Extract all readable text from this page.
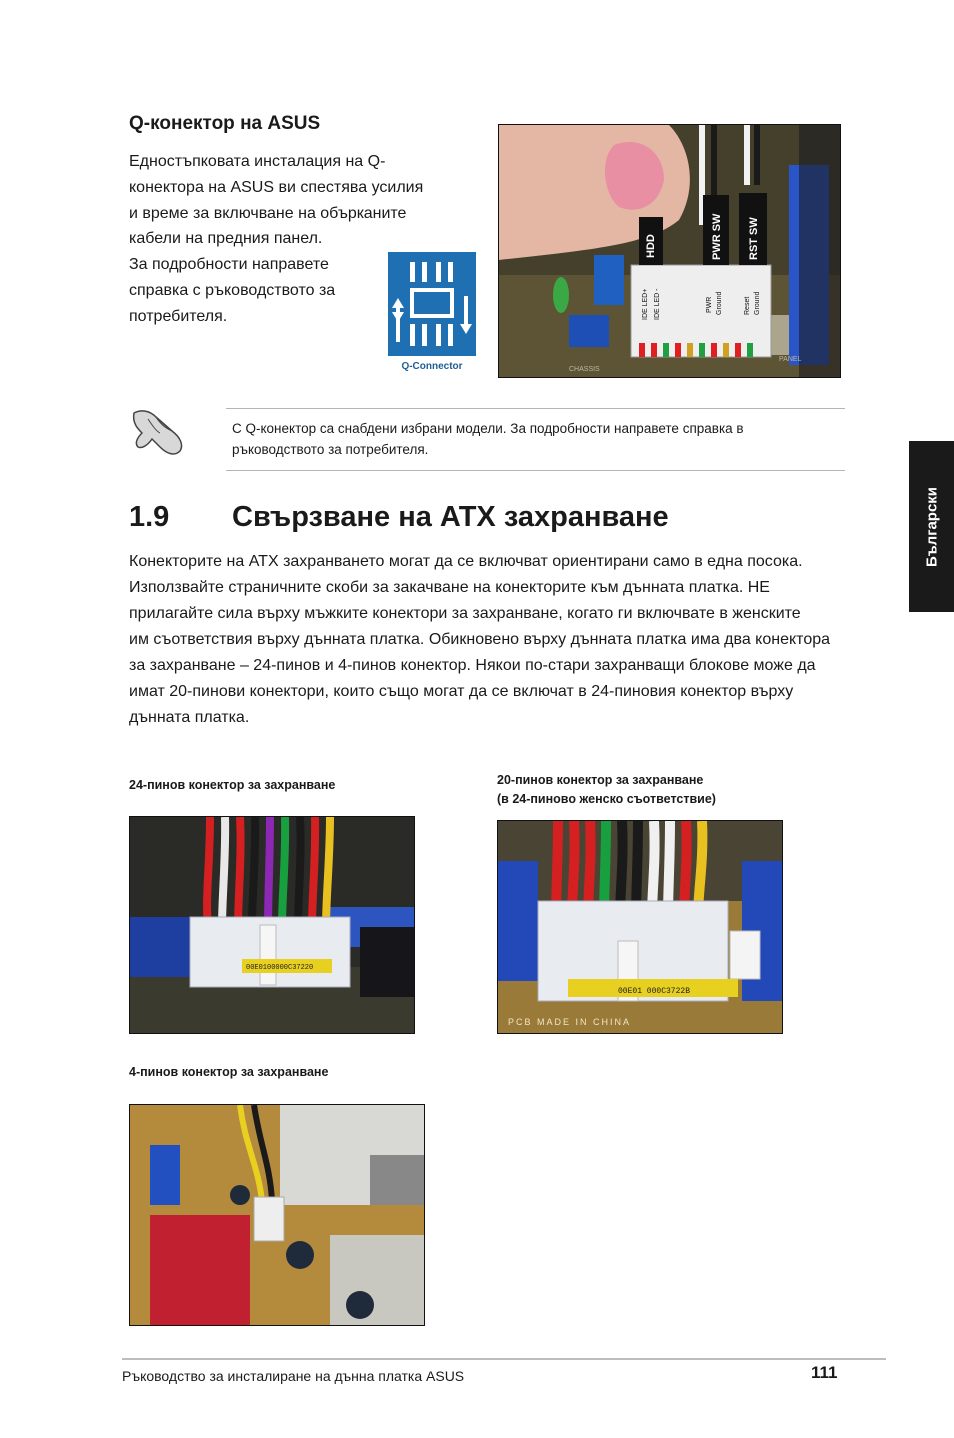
Q-конектор на ASUS
Едностъпковата инсталация на Q-
конектора на ASUS ви спестява усилия
и време за включване на объркaните
кабели на предния панел.
За подробности направете
справка с ръководството за
потребителя.
Q-Connector
HDD	PWR SW RST SW
IDE LED+ IDE LED -	PWR Ground	Reset Ground
CHASSIS
PANEL
С Q-конектор са снабдени избрани модели. За подробности направете справка в
ръководството за потребителя.
1.9 Свързване на ATX захранване
Конекторите на ATX захранването могат да се включват ориентирани само в една посока.
Използвайте страничните скоби за закачване на конекторите към дънната платка. НЕ
прилагайте сила върху мъжките конектори за захранване, когато ги включвате в женските
им съответствия върху дънната платка. Обикновено върху дънната платка има два конектора
за захранване – 24-пинов и 4-пинов конектор. Някои по-стари захранващи блокове може да
имат 20-пинови конектори, които също могат да се включат в 24-пиновия конектор върху
дънната платка.
24-пинов конектор за захранване
00E0100000C37220
20-пинов конектор за захранване
(в 24-пиново женско съответствие)
00E01 000C3722B
PCB MADE IN CHINA
4-пинов конектор за захранване
Български
Ръководство за инсталиране на дънна платка ASUS	111
